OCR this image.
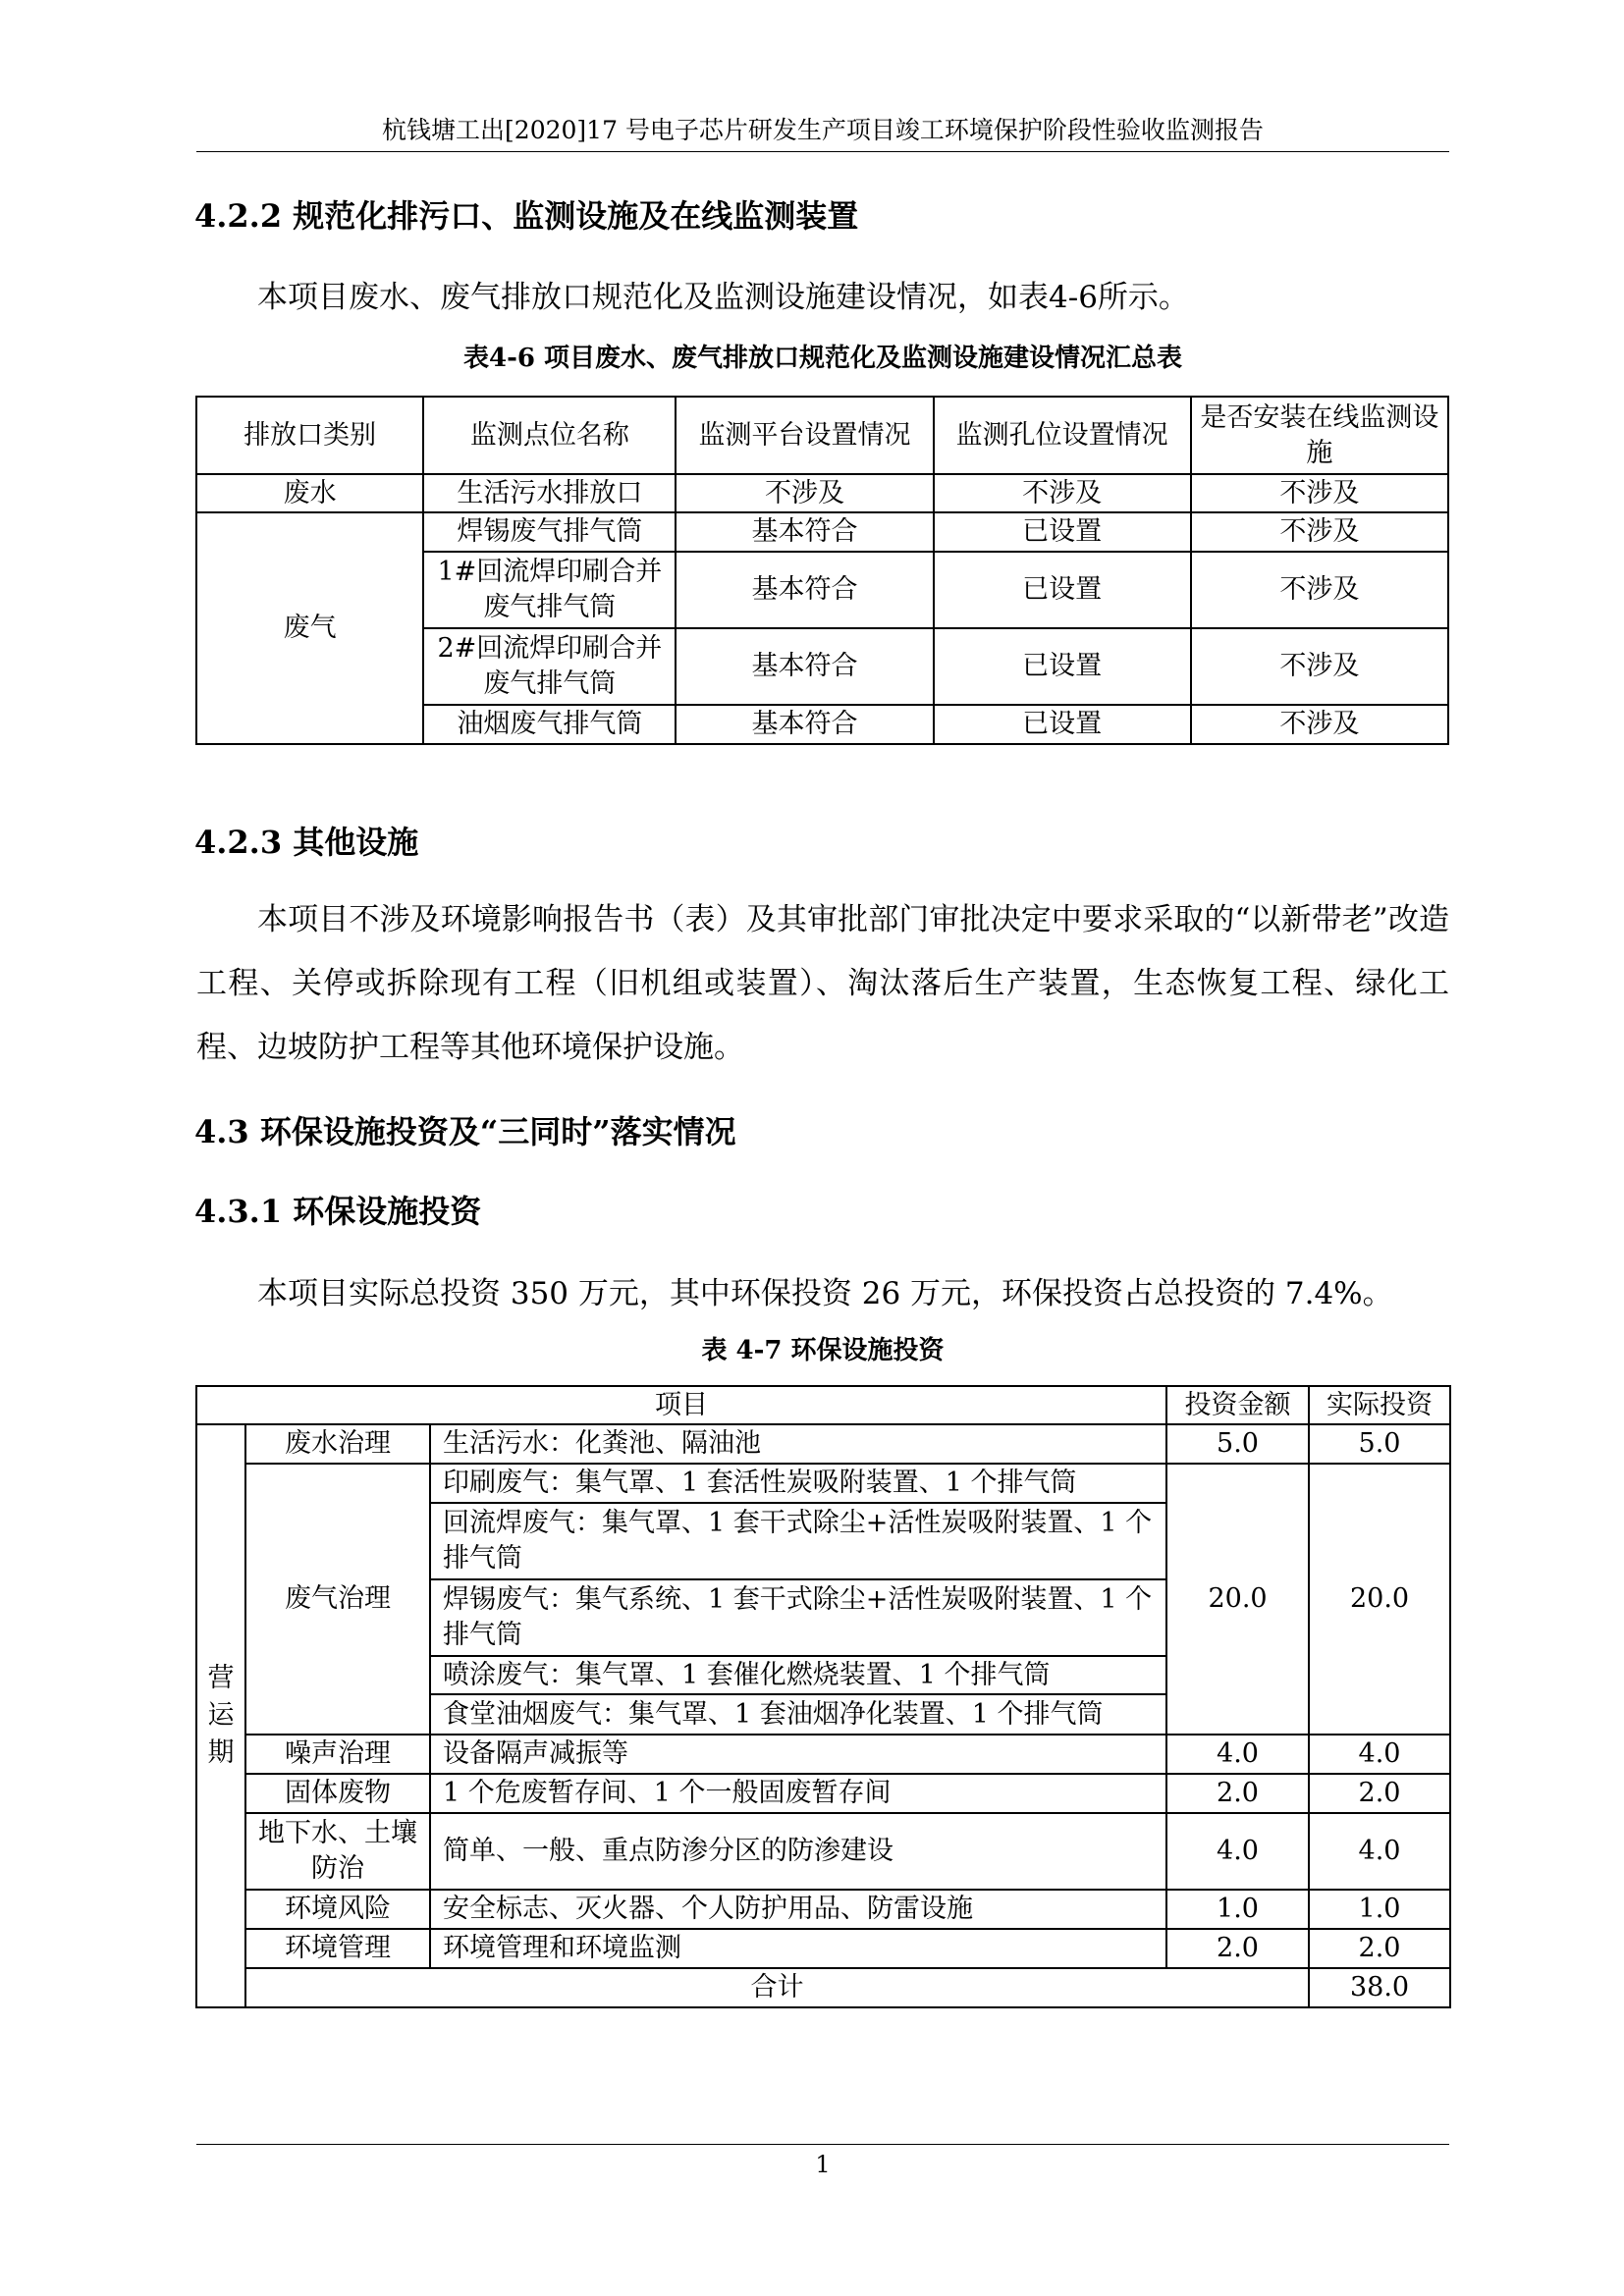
杭钱塘工出[2020]17 号电子芯片研发生产项目竣工环境保护阶段性验收监测报告
4.2.2 规范化排污口、监测设施及在线监测装置
本项目废水、废气排放口规范化及监测设施建设情况，如表4-6所示。
表4-6 项目废水、废气排放口规范化及监测设施建设情况汇总表
排放口类别	监测点位名称	监测平台设置情况	监测孔位设置情况	是否安装在线监测设施
废水	生活污水排放口	不涉及	不涉及	不涉及
废气	焊锡废气排气筒	基本符合	已设置	不涉及
	1#回流焊印刷合并废气排气筒	基本符合	已设置	不涉及
	2#回流焊印刷合并废气排气筒	基本符合	已设置	不涉及
	油烟废气排气筒	基本符合	已设置	不涉及
4.2.3 其他设施
本项目不涉及环境影响报告书（表）及其审批部门审批决定中要求采取的“以新带老”改造工程、关停或拆除现有工程（旧机组或装置）、淘汰落后生产装置，生态恢复工程、绿化工程、边坡防护工程等其他环境保护设施。
4.3 环保设施投资及“三同时”落实情况
4.3.1 环保设施投资
本项目实际总投资 350 万元，其中环保投资 26 万元，环保投资占总投资的 7.4%。
表 4-7 环保设施投资
项目			投资金额	实际投资	
营运期	废水治理	生活污水：化粪池、隔油池	5.0	5.0	
	废气治理	印刷废气：集气罩、1 套活性炭吸附装置、1 个排气筒	20.0	20.0	
		回流焊废气：集气罩、1 套干式除尘+活性炭吸附装置、1 个排气筒			
		焊锡废气：集气系统、1 套干式除尘+活性炭吸附装置、1 个排气筒			
		喷涂废气：集气罩、1 套催化燃烧装置、1 个排气筒			
		食堂油烟废气：集气罩、1 套油烟净化装置、1 个排气筒			
	噪声治理	设备隔声减振等	4.0	4.0	
	固体废物	1 个危废暂存间、1 个一般固废暂存间	2.0	2.0	
	地下水、土壤防治	简单、一般、重点防渗分区的防渗建设	4.0	4.0	
	环境风险	安全标志、灭火器、个人防护用品、防雷设施	1.0	1.0	
	环境管理	环境管理和环境监测	2.0	2.0	
	合计			38.0	
1
